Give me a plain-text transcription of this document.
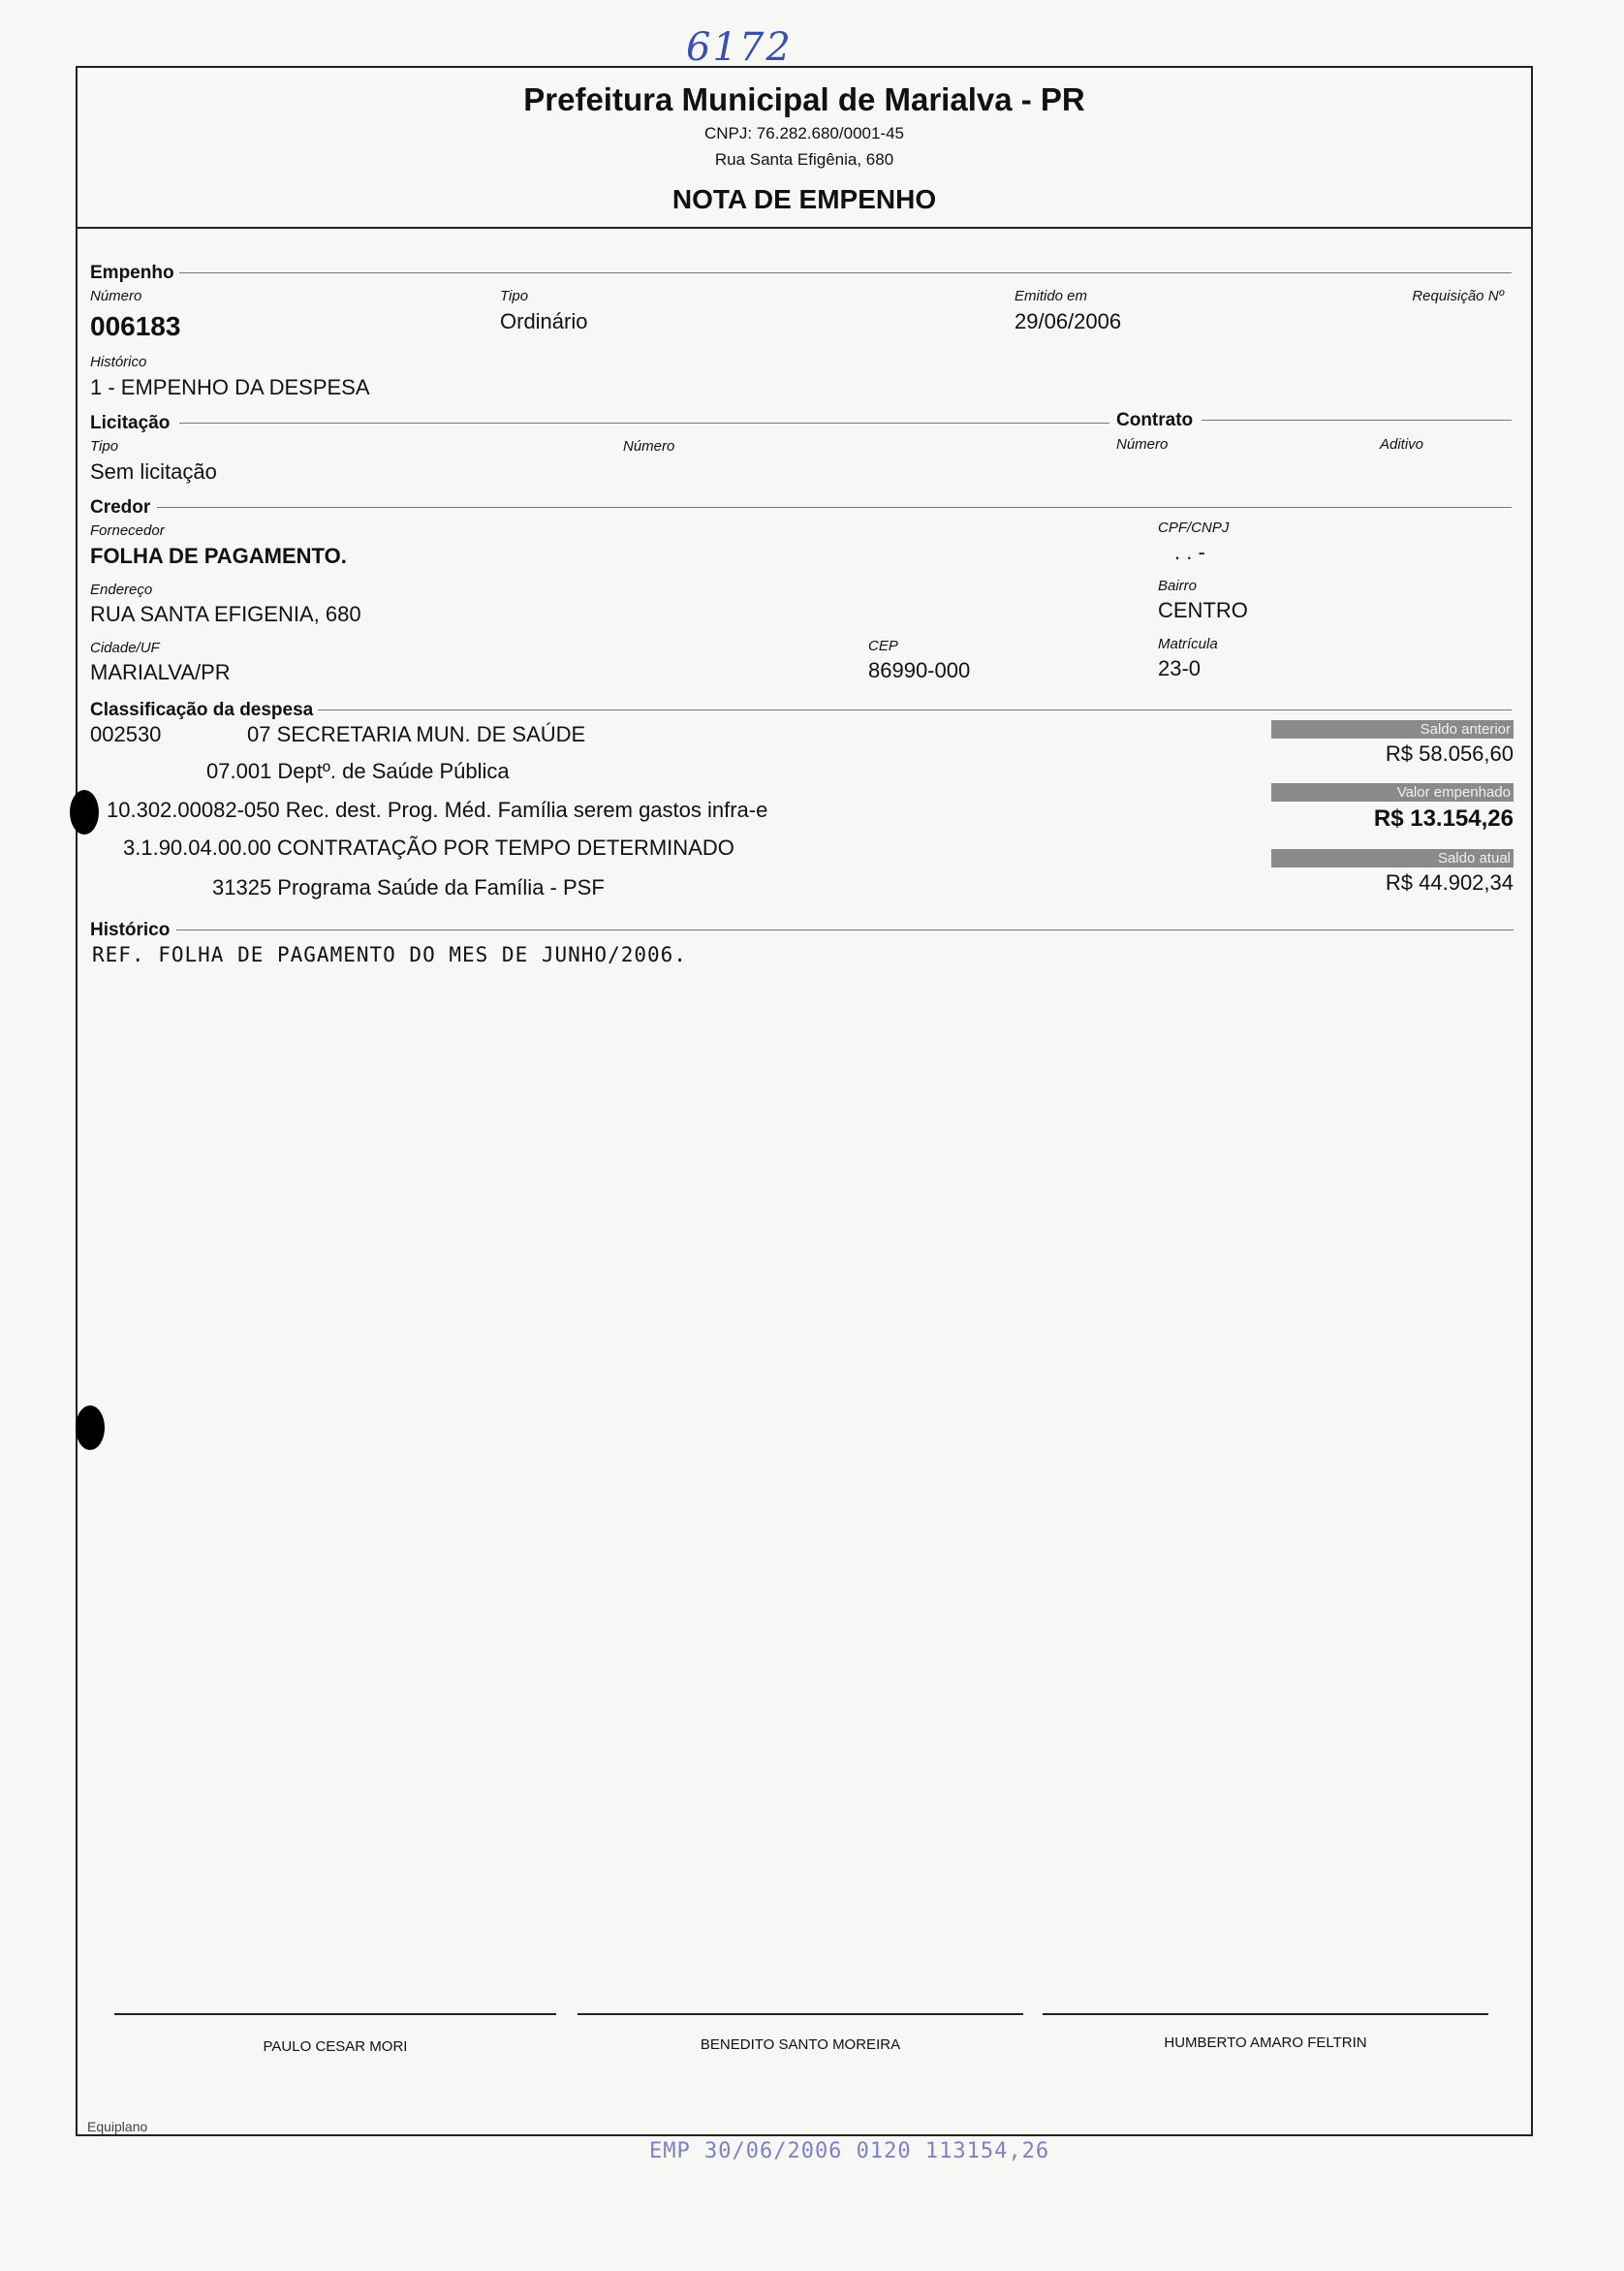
6172
Prefeitura Municipal de Marialva - PR
CNPJ: 76.282.680/0001-45
Rua Santa Efigênia, 680
NOTA DE EMPENHO
Empenho
Número
006183
Tipo
Ordinário
Emitido em
29/06/2006
Requisição Nº
Histórico
1 - EMPENHO DA DESPESA
Licitação	Contrato
Tipo
Sem licitação
Número	Número	Aditivo
Credor
Fornecedor
FOLHA DE PAGAMENTO.
CPF/CNPJ
. . -
Endereço
RUA SANTA EFIGENIA, 680
Bairro
CENTRO
Cidade/UF
MARIALVA/PR
CEP
86990-000
Matrícula
23-0
Classificação da despesa
002530	07 SECRETARIA MUN. DE SAÚDE
07.001 Deptº. de Saúde Pública
10.302.00082-050 Rec. dest. Prog. Méd. Família serem gastos infra-e
3.1.90.04.00.00 CONTRATAÇÃO POR TEMPO DETERMINADO
31325 Programa Saúde da Família - PSF
Saldo anterior
R$ 58.056,60
Valor empenhado
R$ 13.154,26
Saldo atual
R$ 44.902,34
Histórico
REF. FOLHA DE PAGAMENTO DO MES DE JUNHO/2006.
PAULO CESAR MORI	BENEDITO SANTO MOREIRA	HUMBERTO AMARO FELTRIN
Equiplano
EMP 30/06/2006 0120 113154,26
